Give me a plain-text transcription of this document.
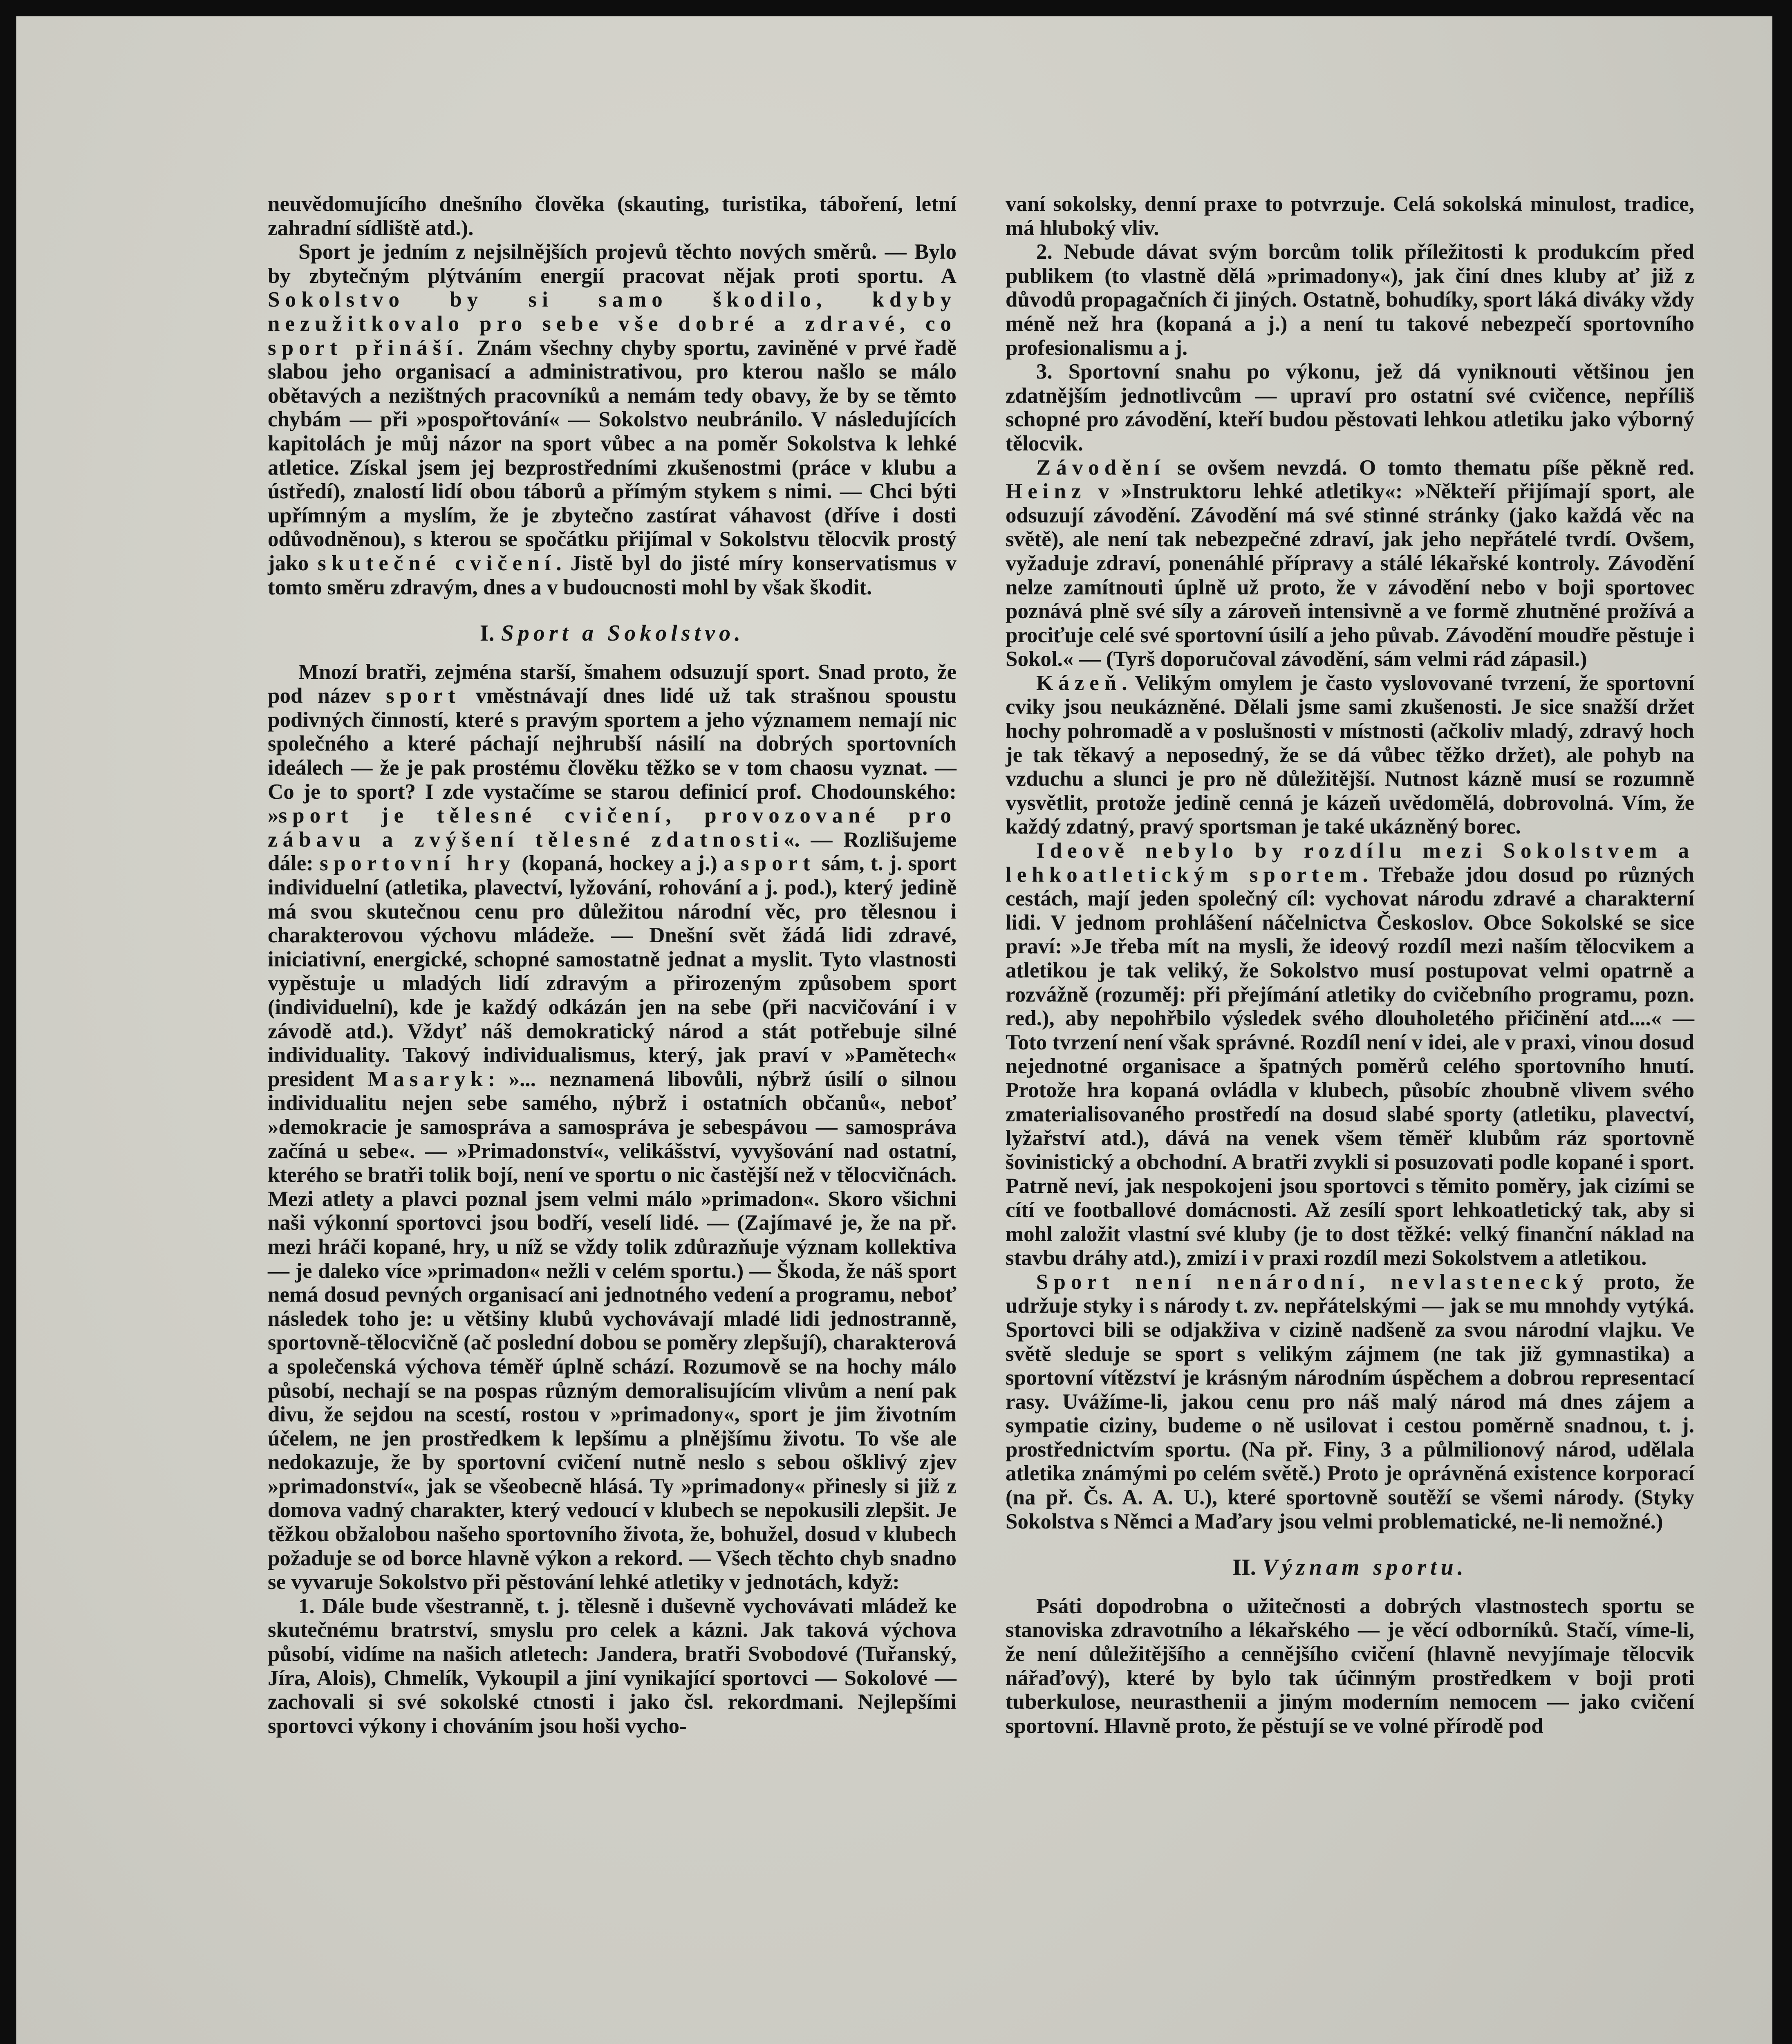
neuvědomujícího dnešního člověka (skauting, turistika, táboření, letní zahradní sídliště atd.).

Sport je jedním z nejsilnějších projevů těchto nových směrů. — Bylo by zbytečným plýtváním energií pracovat nějak proti sportu. A Sokolstvo by si samo škodilo, kdyby nezužitkovalo pro sebe vše dobré a zdravé, co sport přináší. Znám všechny chyby sportu, zaviněné v prvé řadě slabou jeho organisací a administrativou, pro kterou našlo se málo obětavých a nezištných pracovníků a nemám tedy obavy, že by se těmto chybám — při »pospořtování« — Sokolstvo neubránilo. V následujících kapitolách je můj názor na sport vůbec a na poměr Sokolstva k lehké atletice. Získal jsem jej bezprostředními zkušenostmi (práce v klubu a ústředí), znalostí lidí obou táborů a přímým stykem s nimi. — Chci býti upřímným a myslím, že je zbytečno zastírat váhavost (dříve i dosti odůvodněnou), s kterou se spočátku přijímal v Sokolstvu tělocvik prostý jako skutečné cvičení. Jistě byl do jisté míry konservatismus v tomto směru zdravým, dnes a v budoucnosti mohl by však škodit.

I. Sport a Sokolstvo.

Mnozí bratři, zejména starší, šmahem odsuzují sport. Snad proto, že pod název sport vměstnávají dnes lidé už tak strašnou spoustu podivných činností, které s pravým sportem a jeho významem nemají nic společného a které páchají nejhrubší násilí na dobrých sportovních ideálech — že je pak prostému člověku těžko se v tom chaosu vyznat. — Co je to sport? I zde vystačíme se starou definicí prof. Chodounského: »sport je tělesné cvičení, provozované pro zábavu a zvýšení tělesné zdatnosti«. — Rozlišujeme dále: sportovní hry (kopaná, hockey a j.) a sport sám, t. j. sport individuelní (atletika, plavectví, lyžování, rohování a j. pod.), který jedině má svou skutečnou cenu pro důležitou národní věc, pro tělesnou i charakterovou výchovu mládeže. — Dnešní svět žádá lidi zdravé, iniciativní, energické, schopné samostatně jednat a myslit. Tyto vlastnosti vypěstuje u mladých lidí zdravým a přirozeným způsobem sport (individuelní), kde je každý odkázán jen na sebe (při nacvičování i v závodě atd.). Vždyť náš demokratický národ a stát potřebuje silné individuality. Takový individualismus, který, jak praví v »Pamětech« president Masaryk: »... neznamená libovůli, nýbrž úsilí o silnou individualitu nejen sebe samého, nýbrž i ostatních občanů«, neboť »demokracie je samospráva a samospráva je sebespávou — samospráva začíná u sebe«. — »Primadonství«, velikášství, vyvyšování nad ostatní, kterého se bratři tolik bojí, není ve sportu o nic častější než v tělocvičnách. Mezi atlety a plavci poznal jsem velmi málo »primadon«. Skoro všichni naši výkonní sportovci jsou bodří, veselí lidé. — (Zajímavé je, že na př. mezi hráči kopané, hry, u níž se vždy tolik zdůrazňuje význam kollektiva — je daleko více »primadon« nežli v celém sportu.) — Škoda, že náš sport nemá dosud pevných organisací ani jednotného vedení a programu, neboť následek toho je: u většiny klubů vychovávají mladé lidi jednostranně, sportovně-tělocvičně (ač poslední dobou se poměry zlepšují), charakterová a společenská výchova téměř úplně schází. Rozumově se na hochy málo působí, nechají se na pospas různým demoralisujícím vlivům a není pak divu, že sejdou na scestí, rostou v »primadony«, sport je jim životním účelem, ne jen prostředkem k lepšímu a plnějšímu životu. To vše ale nedokazuje, že by sportovní cvičení nutně neslo s sebou ošklivý zjev »primadonství«, jak se všeobecně hlásá. Ty »primadony« přinesly si již z domova vadný charakter, který vedoucí v klubech se nepokusili zlepšit. Je těžkou obžalobou našeho sportovního života, že, bohužel, dosud v klubech požaduje se od borce hlavně výkon a rekord. — Všech těchto chyb snadno se vyvaruje Sokolstvo při pěstování lehké atletiky v jednotách, když:

1. Dále bude všestranně, t. j. tělesně i duševně vychovávati mládež ke skutečnému bratrství, smyslu pro celek a kázni. Jak taková výchova působí, vidíme na našich atletech: Jandera, bratři Svobodové (Tuřanský, Jíra, Alois), Chmelík, Vykoupil a jiní vynikající sportovci — Sokolové — zachovali si své sokolské ctnosti i jako čsl. rekordmani. Nejlepšími sportovci výkony i chováním jsou hoši vycho-

vaní sokolsky, denní praxe to potvrzuje. Celá sokolská minulost, tradice, má hluboký vliv.

2. Nebude dávat svým borcům tolik příležitosti k produkcím před publikem (to vlastně dělá »primadony«), jak činí dnes kluby ať již z důvodů propagačních či jiných. Ostatně, bohudíky, sport láká diváky vždy méně než hra (kopaná a j.) a není tu takové nebezpečí sportovního profesionalismu a j.

3. Sportovní snahu po výkonu, jež dá vyniknouti většinou jen zdatnějším jednotlivcům — upraví pro ostatní své cvičence, nepříliš schopné pro závodění, kteří budou pěstovati lehkou atletiku jako výborný tělocvik.

Závodění se ovšem nevzdá. O tomto thematu píše pěkně red. Heinz v »Instruktoru lehké atletiky«: »Někteří přijímají sport, ale odsuzují závodění. Závodění má své stinné stránky (jako každá věc na světě), ale není tak nebezpečné zdraví, jak jeho nepřátelé tvrdí. Ovšem, vyžaduje zdraví, ponenáhlé přípravy a stálé lékařské kontroly. Závodění nelze zamítnouti úplně už proto, že v závodění nebo v boji sportovec poznává plně své síly a zároveň intensivně a ve formě zhutněné prožívá a prociťuje celé své sportovní úsilí a jeho půvab. Závodění moudře pěstuje i Sokol.« — (Tyrš doporučoval závodění, sám velmi rád zápasil.)

Kázeň. Velikým omylem je často vyslovované tvrzení, že sportovní cviky jsou neukázněné. Dělali jsme sami zkušenosti. Je sice snažší držet hochy pohromadě a v poslušnosti v místnosti (ačkoliv mladý, zdravý hoch je tak těkavý a neposedný, že se dá vůbec těžko držet), ale pohyb na vzduchu a slunci je pro ně důležitější. Nutnost kázně musí se rozumně vysvětlit, protože jedině cenná je kázeň uvědomělá, dobrovolná. Vím, že každý zdatný, pravý sportsman je také ukázněný borec.

Ideově nebylo by rozdílu mezi Sokolstvem a lehkoatletickým sportem. Třebaže jdou dosud po různých cestách, mají jeden společný cíl: vychovat národu zdravé a charakterní lidi. V jednom prohlášení náčelnictva Českoslov. Obce Sokolské se sice praví: »Je třeba mít na mysli, že ideový rozdíl mezi naším tělocvikem a atletikou je tak veliký, že Sokolstvo musí postupovat velmi opatrně a rozvážně (rozuměj: při přejímání atletiky do cvičebního programu, pozn. red.), aby nepohřbilo výsledek svého dlouholetého přičinění atd....« — Toto tvrzení není však správné. Rozdíl není v idei, ale v praxi, vinou dosud nejednotné organisace a špatných poměrů celého sportovního hnutí. Protože hra kopaná ovládla v klubech, působíc zhoubně vlivem svého zmaterialisovaného prostředí na dosud slabé sporty (atletiku, plavectví, lyžařství atd.), dává na venek všem těměř klubům ráz sportovně šovinistický a obchodní. A bratři zvykli si posuzovati podle kopané i sport. Patrně neví, jak nespokojeni jsou sportovci s těmito poměry, jak cizími se cítí ve footballové domácnosti. Až zesílí sport lehkoatletický tak, aby si mohl založit vlastní své kluby (je to dost těžké: velký finanční náklad na stavbu dráhy atd.), zmizí i v praxi rozdíl mezi Sokolstvem a atletikou.

Sport není nenárodní, nevlastenecký proto, že udržuje styky i s národy t. zv. nepřátelskými — jak se mu mnohdy vytýká. Sportovci bili se odjakživa v cizině nadšeně za svou národní vlajku. Ve světě sleduje se sport s velikým zájmem (ne tak již gymnastika) a sportovní vítězství je krásným národním úspěchem a dobrou representací rasy. Uvážíme-li, jakou cenu pro náš malý národ má dnes zájem a sympatie ciziny, budeme o ně usilovat i cestou poměrně snadnou, t. j. prostřednictvím sportu. (Na př. Finy, 3 a půlmilionový národ, udělala atletika známými po celém světě.) Proto je oprávněná existence korporací (na př. Čs. A. A. U.), které sportovně soutěží se všemi národy. (Styky Sokolstva s Němci a Maďary jsou velmi problematické, ne-li nemožné.)

II. Význam sportu.

Psáti dopodrobna o užitečnosti a dobrých vlastnostech sportu se stanoviska zdravotního a lékařského — je věcí odborníků. Stačí, víme-li, že není důležitějšího a cennějšího cvičení (hlavně nevyjímaje tělocvik nářaďový), které by bylo tak účinným prostředkem v boji proti tuberkulose, neurasthenii a jiným moderním nemocem — jako cvičení sportovní. Hlavně proto, že pěstují se ve volné přírodě pod
